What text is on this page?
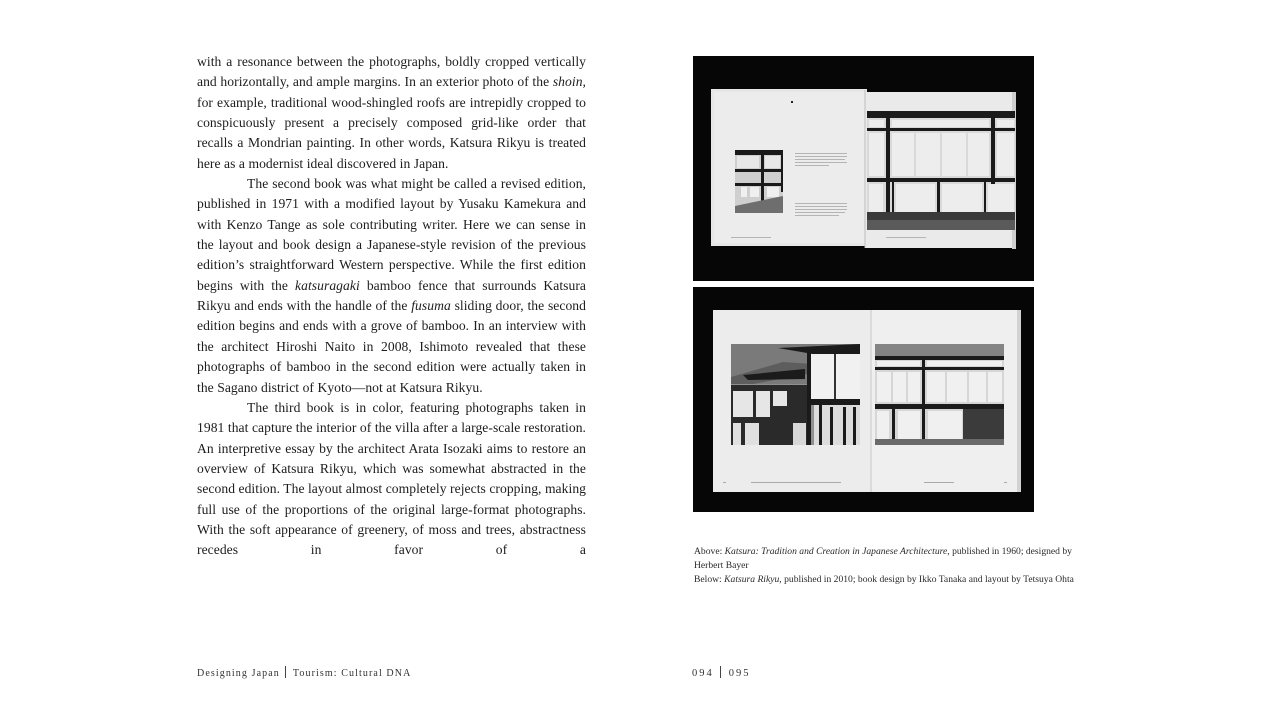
with a resonance between the photographs, boldly cropped vertically and horizontally, and ample margins. In an exterior photo of the shoin, for example, traditional wood-shingled roofs are intrepidly cropped to conspicuously present a precisely composed grid-like order that recalls a Mondrian painting. In other words, Katsura Rikyu is treated here as a modernist ideal discovered in Japan.

The second book was what might be called a revised edition, published in 1971 with a modified layout by Yusaku Kamekura and with Kenzo Tange as sole contributing writer. Here we can sense in the layout and book design a Japanese-style revision of the previous edition’s straightforward Western perspective. While the first edition begins with the katsuragaki bamboo fence that surrounds Katsura Rikyu and ends with the handle of the fusuma sliding door, the second edition begins and ends with a grove of bamboo. In an interview with the architect Hiroshi Naito in 2008, Ishimoto revealed that these photographs of bamboo in the second edition were actually taken in the Sagano district of Kyoto—not at Katsura Rikyu.

The third book is in color, featuring photographs taken in 1981 that capture the interior of the villa after a large-scale restoration. An interpretive essay by the architect Arata Isozaki aims to restore an overview of Katsura Rikyu, which was somewhat abstracted in the second edition. The layout almost completely rejects cropping, making full use of the proportions of the original large-format photographs. With the soft appearance of greenery, of moss and trees, abstractness recedes in favor of a	Above: Katsura: Tradition and Creation in Japanese Architecture, published in 1960; designed by Herbert Bayer
Below: Katsura Rikyu, published in 2010; book design by Ikko Tanaka and layout by Tetsuya Ohta
Designing Japan Tourism: Cultural DNA	094 095
